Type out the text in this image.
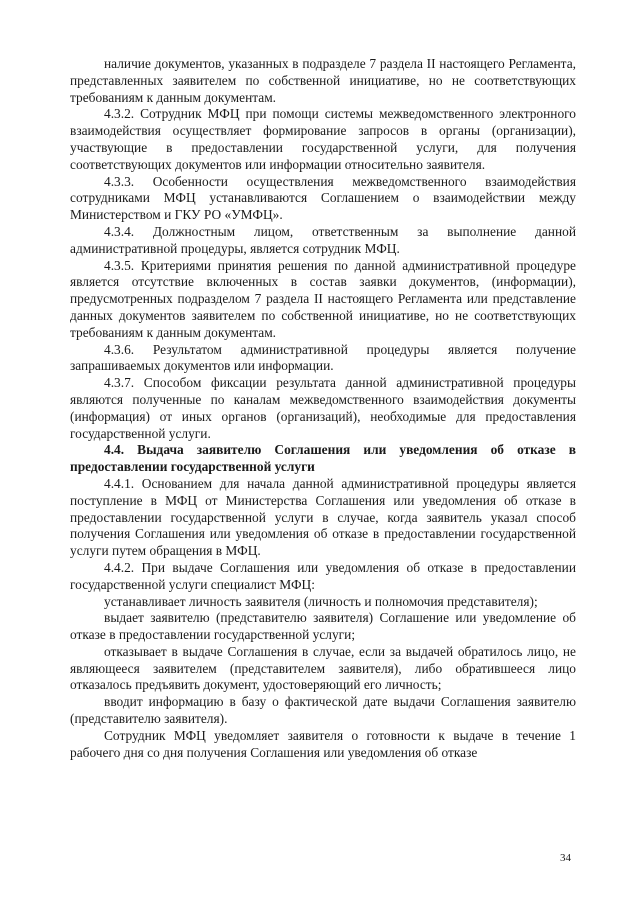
наличие документов, указанных в подразделе 7 раздела II настоящего Регламента, представленных заявителем по собственной инициативе, но не соответствующих требованиям к данным документам.

4.3.2. Сотрудник МФЦ при помощи системы межведомственного электронного взаимодействия осуществляет формирование запросов в органы (организации), участвующие в предоставлении государственной услуги, для получения соответствующих документов или информации относительно заявителя.

4.3.3. Особенности осуществления межведомственного взаимодействия сотрудниками МФЦ устанавливаются Соглашением о взаимодействии между Министерством и ГКУ РО «УМФЦ».

4.3.4. Должностным лицом, ответственным за выполнение данной административной процедуры, является сотрудник МФЦ.

4.3.5. Критериями принятия решения по данной административной процедуре является отсутствие включенных в состав заявки документов, (информации), предусмотренных подразделом 7 раздела II настоящего Регламента или представление данных документов заявителем по собственной инициативе, но не соответствующих требованиям к данным документам.

4.3.6. Результатом административной процедуры является получение запрашиваемых документов или информации.

4.3.7. Способом фиксации результата данной административной процедуры являются полученные по каналам межведомственного взаимодействия документы (информация) от иных органов (организаций), необходимые для предоставления государственной услуги.

4.4. Выдача заявителю Соглашения или уведомления об отказе в предоставлении государственной услуги

4.4.1. Основанием для начала данной административной процедуры является поступление в МФЦ от Министерства Соглашения или уведомления об отказе в предоставлении государственной услуги в случае, когда заявитель указал способ получения Соглашения или уведомления об отказе в предоставлении государственной услуги путем обращения в МФЦ.

4.4.2. При выдаче Соглашения или уведомления об отказе в предоставлении государственной услуги специалист МФЦ:

устанавливает личность заявителя (личность и полномочия представителя);

выдает заявителю (представителю заявителя) Соглашение или уведомление об отказе в предоставлении государственной услуги;

отказывает в выдаче Соглашения в случае, если за выдачей обратилось лицо, не являющееся заявителем (представителем заявителя), либо обратившееся лицо отказалось предъявить документ, удостоверяющий его личность;

вводит информацию в базу о фактической дате выдачи Соглашения заявителю (представителю заявителя).

Сотрудник МФЦ уведомляет заявителя о готовности к выдаче в течение 1 рабочего дня со дня получения Соглашения или уведомления об отказе

34
